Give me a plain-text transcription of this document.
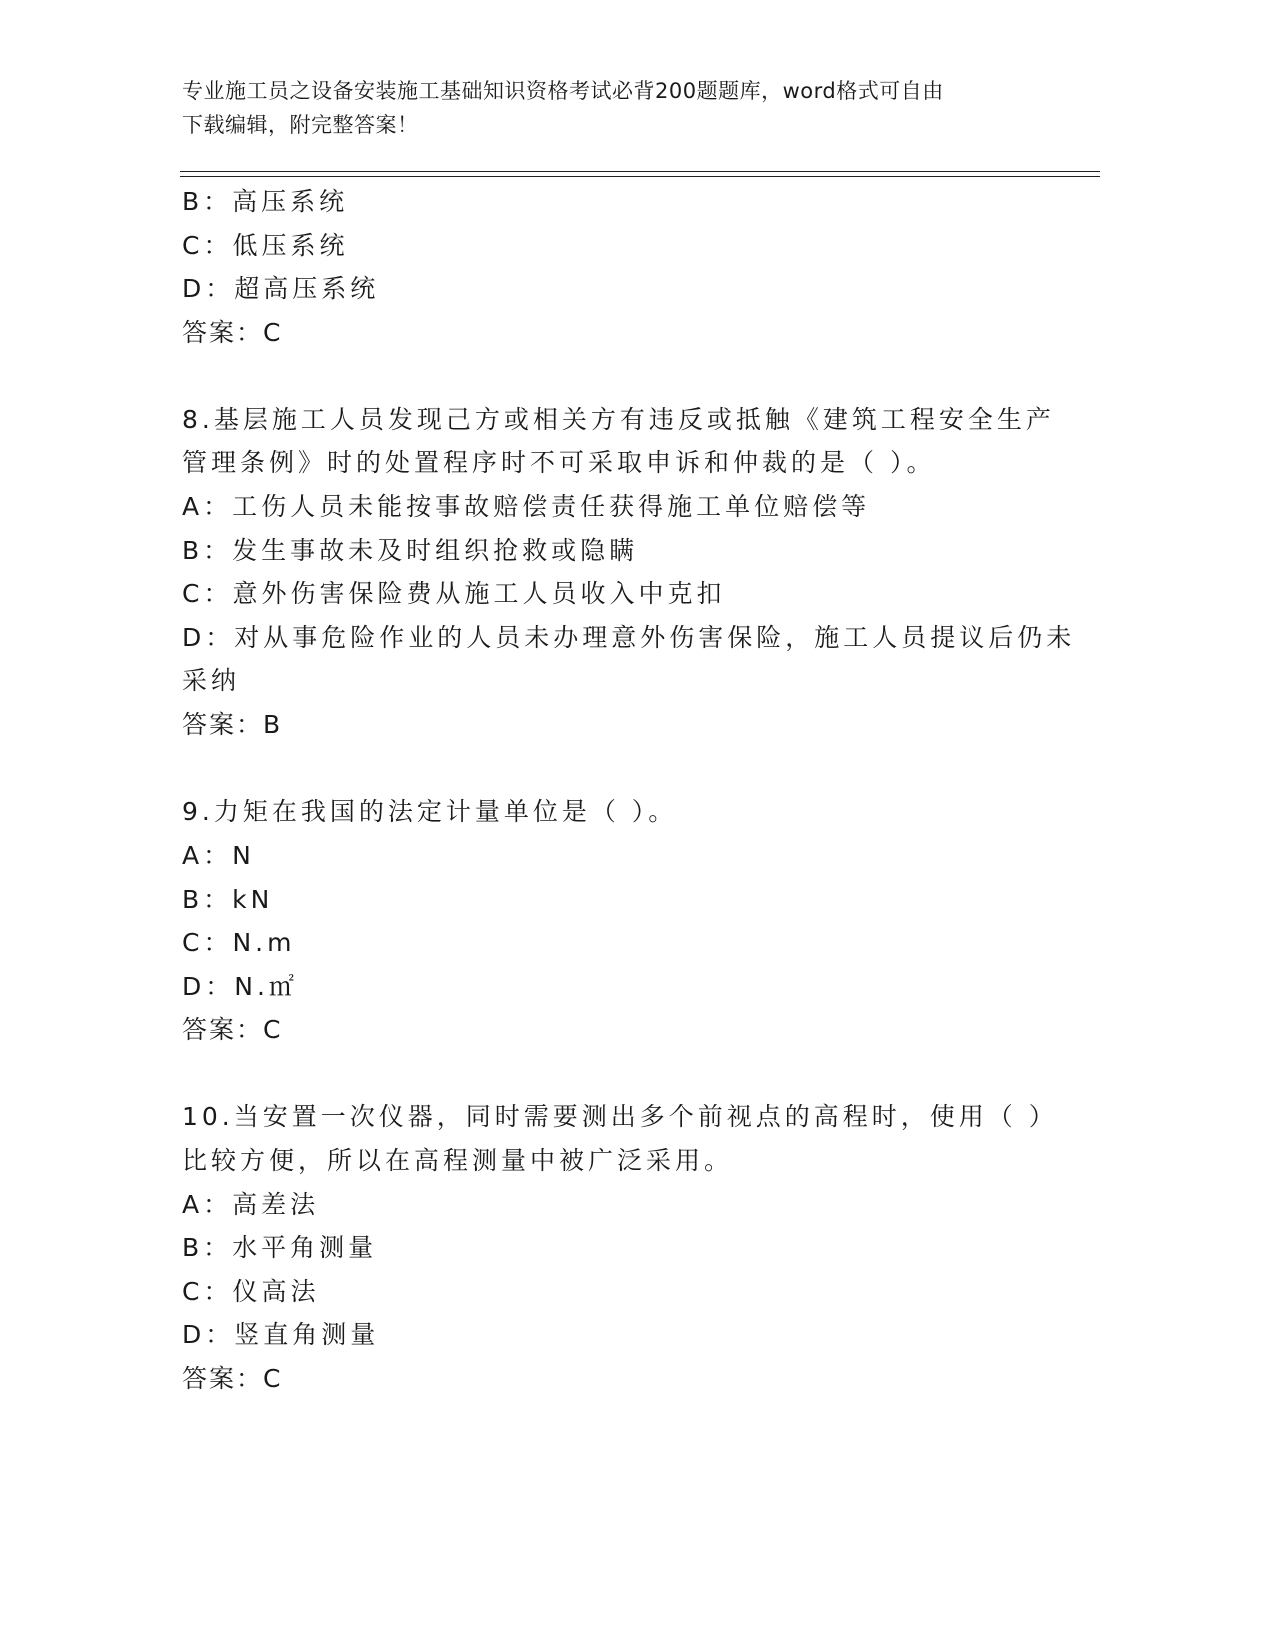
专业施工员之设备安装施工基础知识资格考试必背200题题库，word格式可自由
下载编辑，附完整答案！
B：高压系统
C：低压系统
D：超高压系统
答案：C
8.基层施工人员发现己方或相关方有违反或抵触《建筑工程安全生产
管理条例》时的处置程序时不可采取申诉和仲裁的是（ ）。
A：工伤人员未能按事故赔偿责任获得施工单位赔偿等
B：发生事故未及时组织抢救或隐瞒
C：意外伤害保险费从施工人员收入中克扣
D：对从事危险作业的人员未办理意外伤害保险，施工人员提议后仍未
采纳
答案：B
9.力矩在我国的法定计量单位是（ ）。
A：N
B：kN
C：N.m
D：N.㎡
答案：C
10.当安置一次仪器，同时需要测出多个前视点的高程时，使用（ ）
比较方便，所以在高程测量中被广泛采用。
A：高差法
B：水平角测量
C：仪高法
D：竖直角测量
答案：C
